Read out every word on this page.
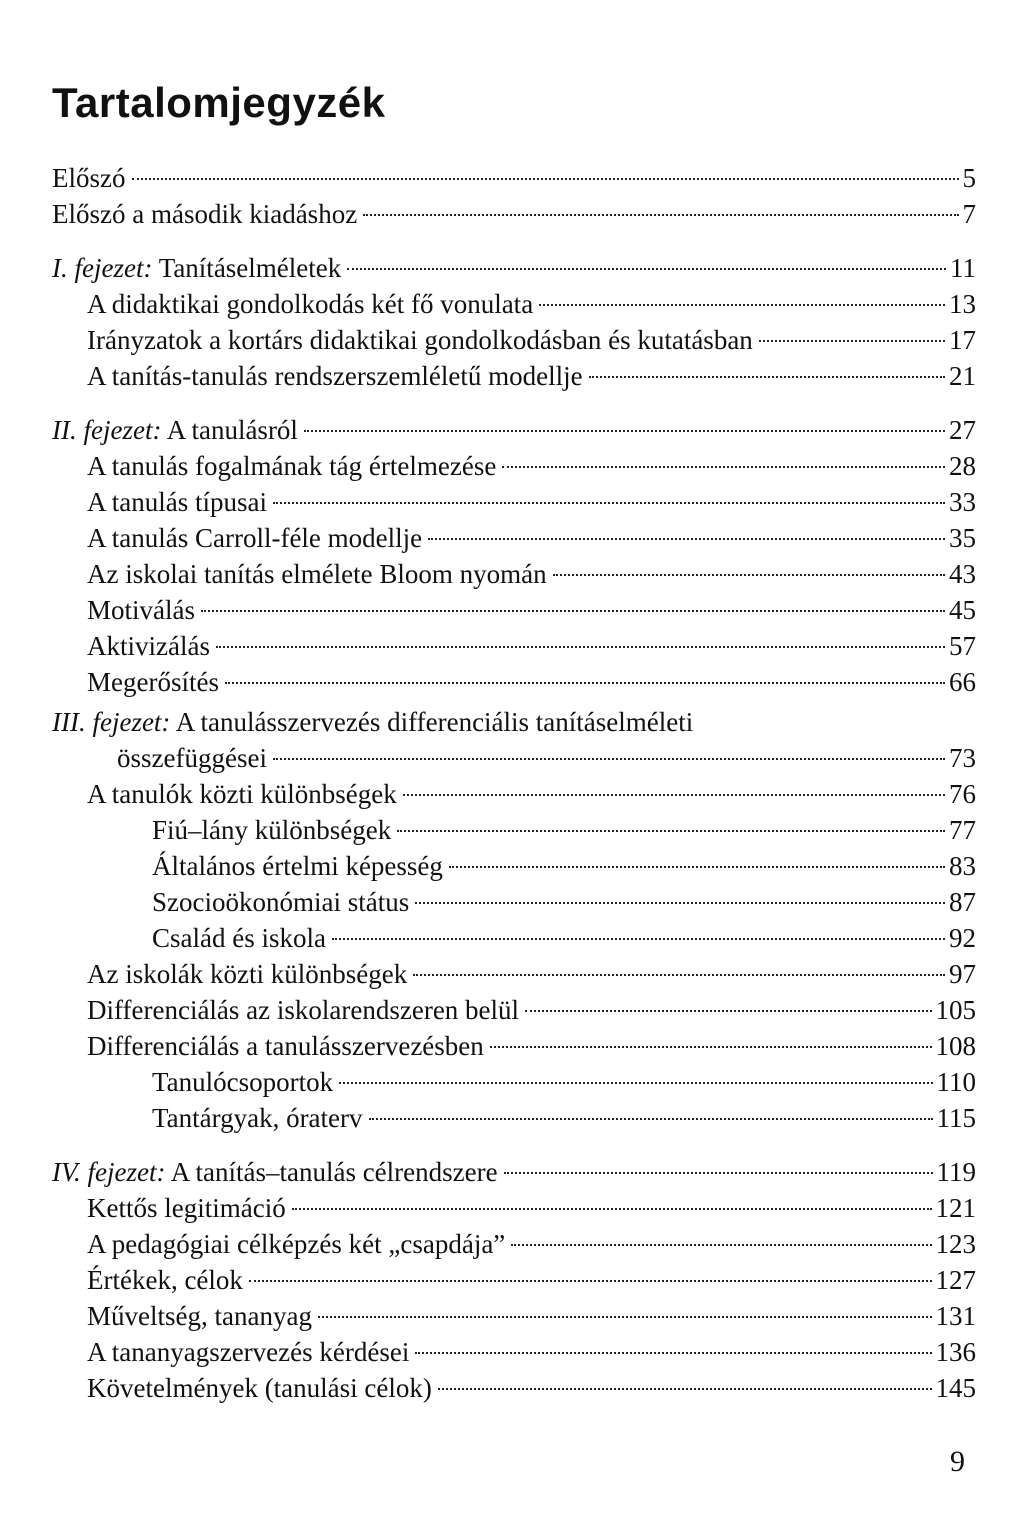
Tartalomjegyzék
Előszó	5
Előszó a második kiadáshoz	7
I. fejezet: Tanításelméletek	11
A didaktikai gondolkodás két fő vonulata	13
Irányzatok a kortárs didaktikai gondolkodásban és kutatásban	17
A tanítás-tanulás rendszerszemléletű modellje	21
II. fejezet: A tanulásról	27
A tanulás fogalmának tág értelmezése	28
A tanulás típusai	33
A tanulás Carroll-féle modellje	35
Az iskolai tanítás elmélete Bloom nyomán	43
Motiválás	45
Aktivizálás	57
Megerősítés	66
III. fejezet: A tanulásszervezés differenciális tanításelméleti
összefüggései	73
A tanulók közti különbségek	76
Fiú–lány különbségek	77
Általános értelmi képesség	83
Szocioökonómiai státus	87
Család és iskola	92
Az iskolák közti különbségek	97
Differenciálás az iskolarendszeren belül	105
Differenciálás a tanulásszervezésben	108
Tanulócsoportok	110
Tantárgyak, óraterv	115
IV. fejezet: A tanítás–tanulás célrendszere	119
Kettős legitimáció	121
A pedagógiai célképzés két „csapdája”	123
Értékek, célok	127
Műveltség, tananyag	131
A tananyagszervezés kérdései	136
Követelmények (tanulási célok)	145
9
